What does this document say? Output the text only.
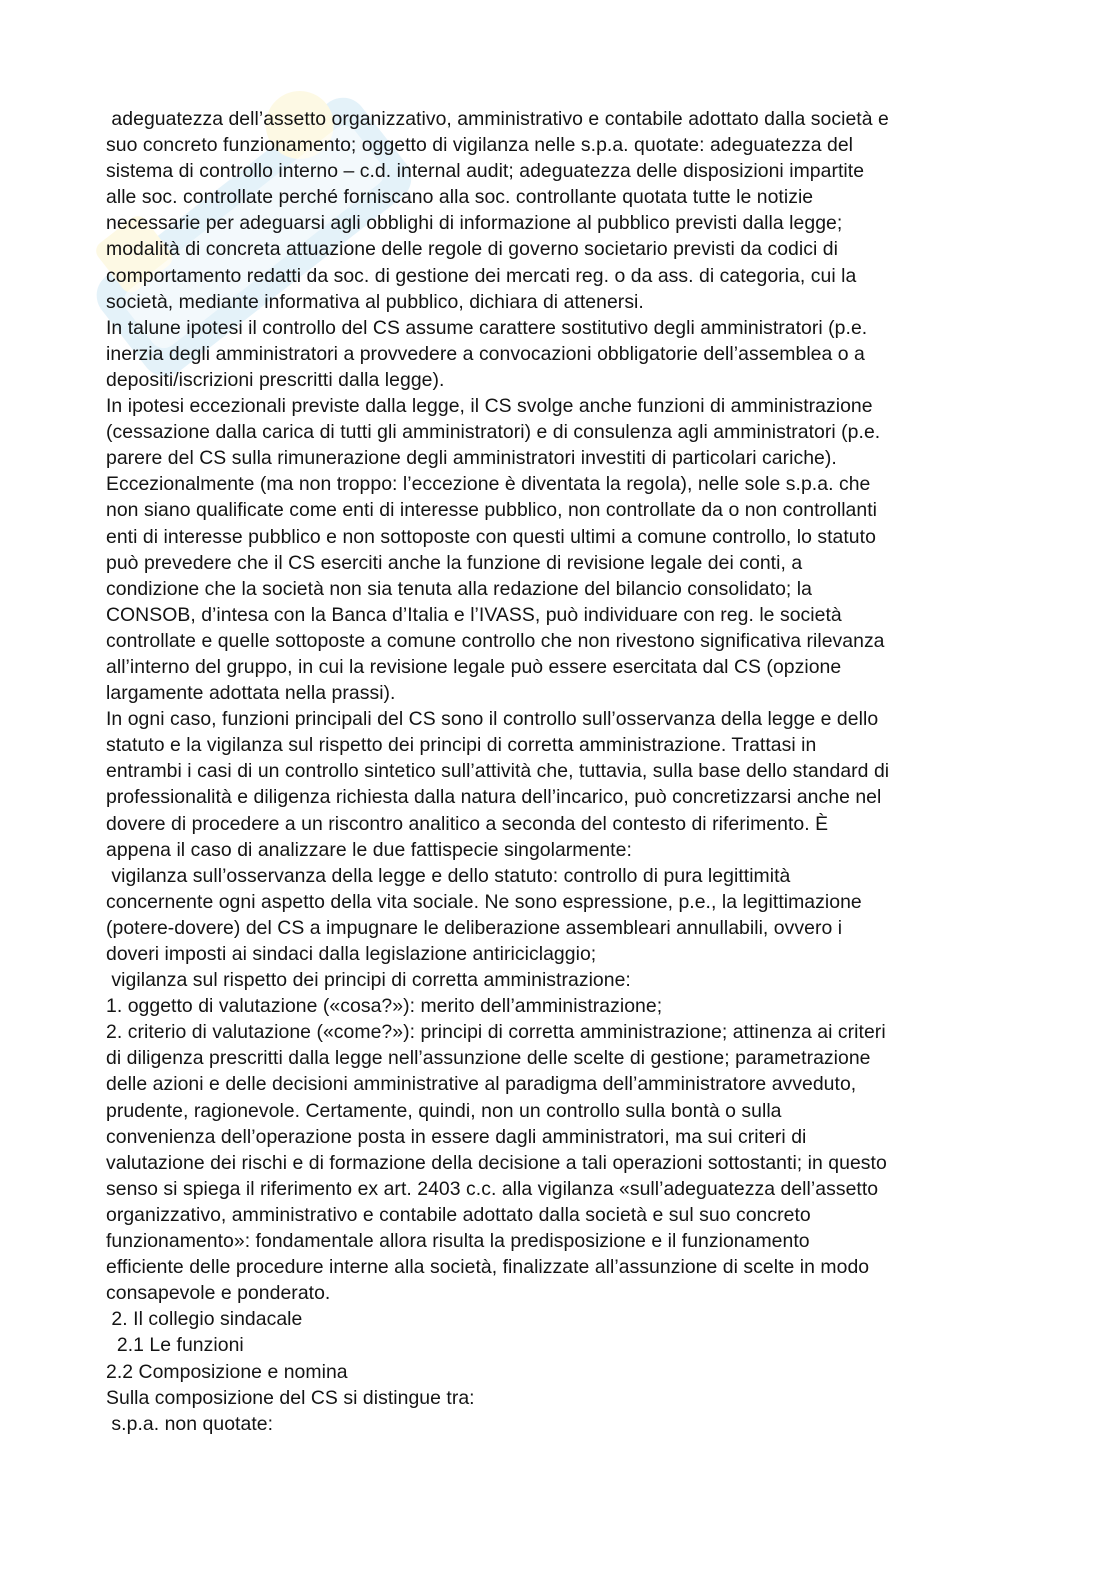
adeguatezza dell’assetto organizzativo, amministrativo e contabile adottato dalla società e
suo concreto funzionamento; oggetto di vigilanza nelle s.p.a. quotate: adeguatezza del
sistema di controllo interno – c.d. internal audit; adeguatezza delle disposizioni impartite
alle soc. controllate perché forniscano alla soc. controllante quotata tutte le notizie
necessarie per adeguarsi agli obblighi di informazione al pubblico previsti dalla legge;
modalità di concreta attuazione delle regole di governo societario previsti da codici di
comportamento redatti da soc. di gestione dei mercati reg. o da ass. di categoria, cui la
società, mediante informativa al pubblico, dichiara di attenersi.
In talune ipotesi il controllo del CS assume carattere sostitutivo degli amministratori (p.e.
inerzia degli amministratori a provvedere a convocazioni obbligatorie dell’assemblea o a
depositi/iscrizioni prescritti dalla legge).
In ipotesi eccezionali previste dalla legge, il CS svolge anche funzioni di amministrazione
(cessazione dalla carica di tutti gli amministratori) e di consulenza agli amministratori (p.e.
parere del CS sulla rimunerazione degli amministratori investiti di particolari cariche).
Eccezionalmente (ma non troppo: l’eccezione è diventata la regola), nelle sole s.p.a. che
non siano qualificate come enti di interesse pubblico, non controllate da o non controllanti
enti di interesse pubblico e non sottoposte con questi ultimi a comune controllo, lo statuto
può prevedere che il CS eserciti anche la funzione di revisione legale dei conti, a
condizione che la società non sia tenuta alla redazione del bilancio consolidato; la
CONSOB, d’intesa con la Banca d’Italia e l’IVASS, può individuare con reg. le società
controllate e quelle sottoposte a comune controllo che non rivestono significativa rilevanza
all’interno del gruppo, in cui la revisione legale può essere esercitata dal CS (opzione
largamente adottata nella prassi).
In ogni caso, funzioni principali del CS sono il controllo sull’osservanza della legge e dello
statuto e la vigilanza sul rispetto dei principi di corretta amministrazione. Trattasi in
entrambi i casi di un controllo sintetico sull’attività che, tuttavia, sulla base dello standard di
professionalità e diligenza richiesta dalla natura dell’incarico, può concretizzarsi anche nel
dovere di procedere a un riscontro analitico a seconda del contesto di riferimento. È
appena il caso di analizzare le due fattispecie singolarmente:
vigilanza sull’osservanza della legge e dello statuto: controllo di pura legittimità
concernente ogni aspetto della vita sociale. Ne sono espressione, p.e., la legittimazione
(potere-dovere) del CS a impugnare le deliberazione assembleari annullabili, ovvero i
doveri imposti ai sindaci dalla legislazione antiriciclaggio;
vigilanza sul rispetto dei principi di corretta amministrazione:
1. oggetto di valutazione («cosa?»): merito dell’amministrazione;
2. criterio di valutazione («come?»): principi di corretta amministrazione; attinenza ai criteri
di diligenza prescritti dalla legge nell’assunzione delle scelte di gestione; parametrazione
delle azioni e delle decisioni amministrative al paradigma dell’amministratore avveduto,
prudente, ragionevole. Certamente, quindi, non un controllo sulla bontà o sulla
convenienza dell’operazione posta in essere dagli amministratori, ma sui criteri di
valutazione dei rischi e di formazione della decisione a tali operazioni sottostanti; in questo
senso si spiega il riferimento ex art. 2403 c.c. alla vigilanza «sull’adeguatezza dell’assetto
organizzativo, amministrativo e contabile adottato dalla società e sul suo concreto
funzionamento»: fondamentale allora risulta la predisposizione e il funzionamento
efficiente delle procedure interne alla società, finalizzate all’assunzione di scelte in modo
consapevole e ponderato.
2. Il collegio sindacale
2.1 Le funzioni
2.2 Composizione e nomina
Sulla composizione del CS si distingue tra:
s.p.a. non quotate:
